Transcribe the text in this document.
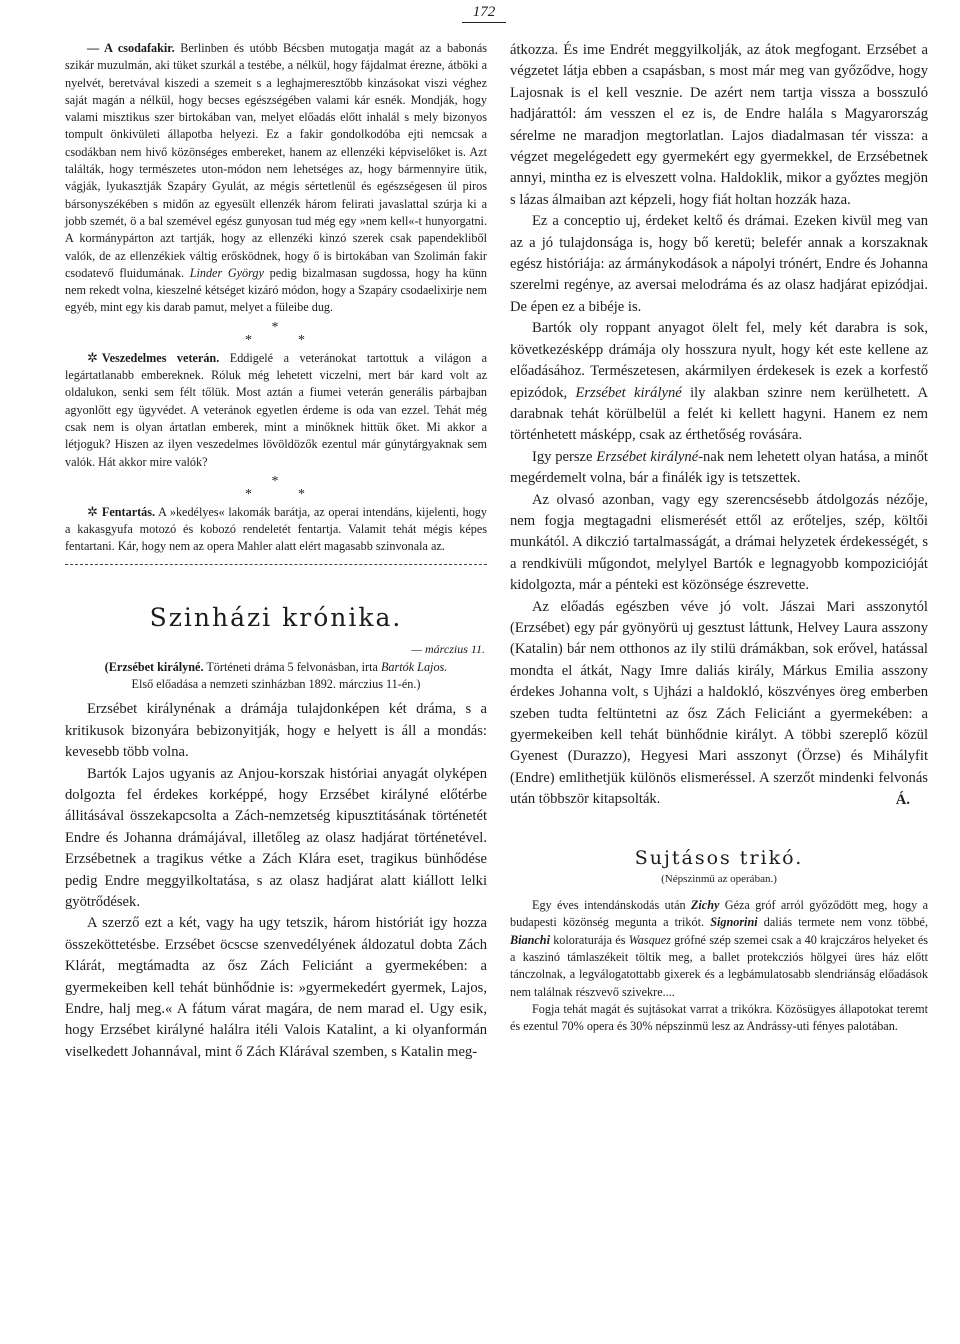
172

— A csodafakir. Berlinben és utóbb Bécsben mutogatja magát az a babonás szikár muzulmán, aki tüket szurkál a testébe, a nélkül, hogy fájdalmat érezne, átböki a nyelvét, beretvával kiszedi a szemeit s a leghajmeresztőbb kinzásokat viszi véghez saját magán a nélkül, hogy becses egészségében valami kár esnék. Mondják, hogy valami misztikus szer birtokában van, melyet előadás előtt inhalál s mely bizonyos tompult önkivületi állapotba helyezi. Ez a fakir gondolkodóba ejti nemcsak a csodákban nem hivő közönséges embereket, hanem az ellenzéki képviselőket is. Azt találták, hogy természetes uton-módon nem lehetséges az, hogy bármennyire ütik, vágják, lyukasztják Szapáry Gyulát, az mégis sértetlenül és egészségesen ül piros bársonyszékében s midőn az egyesült ellenzék három felirati javaslattal szúrja ki a jobb szemét, ö a bal szemével egész gunyosan tud még egy »nem kell«-t hunyorgatni. A kormánypárton azt tartják, hogy az ellenzéki kinzó szerek csak papendekliből valók, de az ellenzékiek váltig erősködnek, hogy ő is birtokában van Szolimán fakir csodatevő fluidumának. Linder György pedig bizalmasan sugdossa, hogy ha künn nem rekedt volna, kieszelné kétséget kizáró módon, hogy a Szapáry csodaelixirje nem egyéb, mint egy kis darab pamut, melyet a füleibe dug.

*
*	*

✲ Veszedelmes veterán. Eddigelé a veteránokat tartottuk a világon a legártatlanabb embereknek. Róluk még lehetett viczelni, mert bár kard volt az oldalukon, senki sem félt tőlük. Most aztán a fiumei veterán generális párbajban agyonlőtt egy ügyvédet. A veteránok egyetlen érdeme is oda van ezzel. Tehát még csak nem is olyan ártatlan emberek, mint a minőknek hittük őket. Mi akkor a létjoguk? Hiszen az ilyen veszedelmes lövöldözők ezentul már gúnytárgyaknak sem valók. Hát akkor mire valók?

*
*	*

✲ Fentartás. A »kedélyes« lakomák barátja, az operai intendáns, kijelenti, hogy a kakasgyufa motozó és kobozó rendeletét fentartja. Valamit tehát mégis képes fentartani. Kár, hogy nem az opera Mahler alatt elért magasabb szinvonala az.

Szinházi krónika.
— márczius 11.

(Erzsébet királyné. Történeti dráma 5 felvonásban, irta Bartók Lajos.
Első előadása a nemzeti szinházban 1892. márczius 11-én.)

Erzsébet királynénak a drámája tulajdonképen két dráma, s a kritikusok bizonyára bebizonyitják, hogy e helyett is áll a mondás: kevesebb több volna.

Bartók Lajos ugyanis az Anjou-korszak históriai anyagát olyképen dolgozta fel érdekes korképpé, hogy Erzsébet királyné előtérbe állitásával összekapcsolta a Zách-nemzetség kipusztitásának történetét Endre és Johanna drámájával, illetőleg az olasz hadjárat történetével. Erzsébetnek a tragikus vétke a Zách Klára eset, tragikus bünhődése pedig Endre meggyilkoltatása, s az olasz hadjárat alatt kiállott lelki gyötrődések.

A szerző ezt a két, vagy ha ugy tetszik, három históriát igy hozza összeköttetésbe. Erzsébet öcscse szenvedélyének áldozatul dobta Zách Klárát, megtámadta az ősz Zách Feliciánt a gyermekében: a gyermekeiben kell tehát bünhődnie is: »gyermekedért gyermek, Lajos, Endre, halj meg.« A fátum várat magára, de nem marad el. Ugy esik, hogy Erzsébet királyné halálra itéli Valois Katalint, a ki olyanformán viselkedett Johannával, mint ő Zách Klárával szemben, s Katalin meg-

átkozza. És ime Endrét meggyilkolják, az átok megfogant. Erzsébet a végzetet látja ebben a csapásban, s most már meg van győződve, hogy Lajosnak is el kell vesznie. De azért nem tartja vissza a bosszuló hadjárattól: ám vesszen el ez is, de Endre halála s Magyarország sérelme ne maradjon megtorlatlan. Lajos diadalmasan tér vissza: a végzet megelégedett egy gyermekért egy gyermekkel, de Erzsébetnek annyi, mintha ez is elveszett volna. Haldoklik, mikor a győztes megjön s lázas álmaiban azt képzeli, hogy fiát holtan hozzák haza.

Ez a conceptio uj, érdeket keltő és drámai. Ezeken kivül meg van az a jó tulajdonsága is, hogy bő keretü; belefér annak a korszaknak egész históriája: az ármánykodások a nápolyi trónért, Endre és Johanna szerelmi regénye, az aversai melodráma és az olasz hadjárat epizódjai. De épen ez a bibéje is.

Bartók oly roppant anyagot ölelt fel, mely két darabra is sok, következésképp drámája oly hosszura nyult, hogy két este kellene az előadásához. Természetesen, akármilyen érdekesek is ezek a korfestő epizódok, Erzsébet királyné ily alakban szinre nem kerülhetett. A darabnak tehát körülbelül a felét ki kellett hagyni. Hanem ez nem történhetett másképp, csak az érthetőség rovására.

Igy persze Erzsébet királyné-nak nem lehetett olyan hatása, a minőt megérdemelt volna, bár a finálék igy is tetszettek.

Az olvasó azonban, vagy egy szerencsésebb átdolgozás nézője, nem fogja megtagadni elismerését ettől az erőteljes, szép, költői munkától. A dikczió tartalmasságát, a drámai helyzetek érdekességét, s a rendkivüli műgondot, melylyel Bartók e legnagyobb kompozicióját kidolgozta, már a pénteki est közönsége észrevette.

Az előadás egészben véve jó volt. Jászai Mari asszonytól (Erzsébet) egy pár gyönyörü uj gesztust láttunk, Helvey Laura asszony (Katalin) bár nem otthonos az ily stilü drámákban, sok erővel, hatással mondta el átkát, Nagy Imre daliás király, Márkus Emilia asszony érdekes Johanna volt, s Ujházi a haldokló, köszvényes öreg emberben szeben tudta feltüntetni az ősz Zách Feliciánt a gyermekében: a gyermekeiben kell tehát bünhődnie királyt. A többi szereplő közül Gyenest (Durazzo), Hegyesi Mari asszonyt (Örzse) és Mihályfit (Endre) emlithetjük különös elismeréssel. A szerzőt mindenki felvonás után többször kitapsolták.	Á.
Sujtásos trikó.
(Népszinmű az operában.)

Egy éves intendánskodás után Zichy Géza gróf arról győződött meg, hogy a budapesti közönség megunta a trikót. Signorini daliás termete nem vonz többé, Bianchi koloraturája és Wasquez grófné szép szemei csak a 40 krajczáros helyeket és a kaszinó támlaszékeit töltik meg, a ballet protekcziós hölgyei üres ház előtt tánczolnak, a legválogatottabb gixerek és a legbámulatosabb slendriánság előadások nem találnak részvevő szivekre....

Fogja tehát magát és sujtásokat varrat a trikókra. Közösügyes állapotokat teremt és ezentul 70% opera és 30% népszinmü lesz az Andrássy-uti fényes palotában.
